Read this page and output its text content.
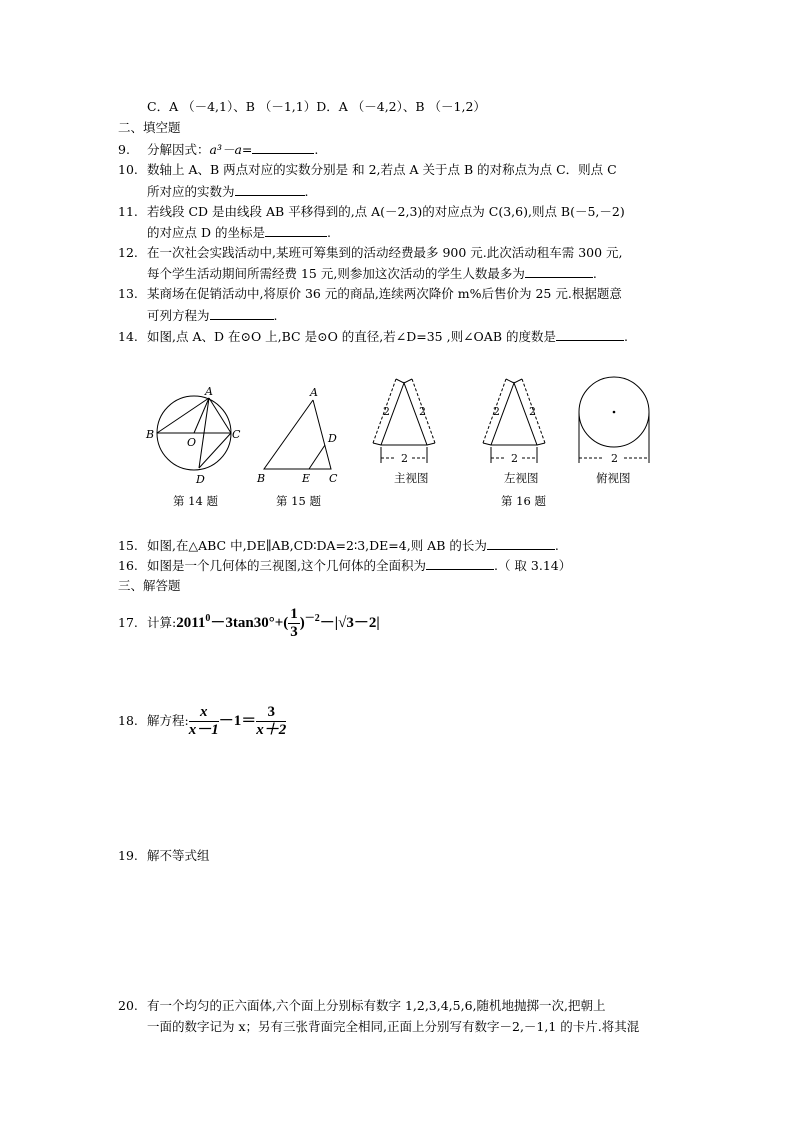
C．A （－4,1）、B （－1,1）D．A （－4,2）、B （－1,2）
二、填空题
9. 分解因式：a³－a=	.
10. 数轴上 A、B 两点对应的实数分别是 和 2,若点 A 关于点 B 的对称点为点 C．则点 C
所对应的实数为	.
11. 若线段 CD 是由线段 AB 平移得到的,点 A(－2,3)的对应点为 C(3,6),则点 B(－5,－2)
的对应点 D 的坐标是	.
12. 在一次社会实践活动中,某班可筹集到的活动经费最多 900 元.此次活动租车需 300 元,
每个学生活动期间所需经费 15 元,则参加这次活动的学生人数最多为	.
13. 某商场在促销活动中,将原价 36 元的商品,连续两次降价 m%后售价为 25 元.根据题意
可列方程为	.
14. 如图,点 A、D 在⊙O 上,BC 是⊙O 的直径,若∠D=35 ,则∠OAB 的度数是	.
A
B	C
O
D
A
B	E C
D
2	2
2
2	2
2	2
第 14 题	第 15 题
主视图	左视图	俯视图
第 16 题
15. 如图,在△ABC 中,DE∥AB,CD∶DA=2∶3,DE=4,则 AB 的长为	.
16. 如图是一个几何体的三视图,这个几何体的全面积为	.（ 取 3.14）
三、解答题
17. 计算$:2011^0-3\tan 30^\circ+( \frac{1}{3} )^{-2}-|√3-2|$
18. 解方程: $\frac{x}{x-1} -1= \frac{3}{x+2}$
19. 解不等式组
20. 有一个均匀的正六面体,六个面上分别标有数字 1,2,3,4,5,6,随机地抛掷一次,把朝上
一面的数字记为 x；另有三张背面完全相同,正面上分别写有数字－2,－1,1 的卡片.将其混
